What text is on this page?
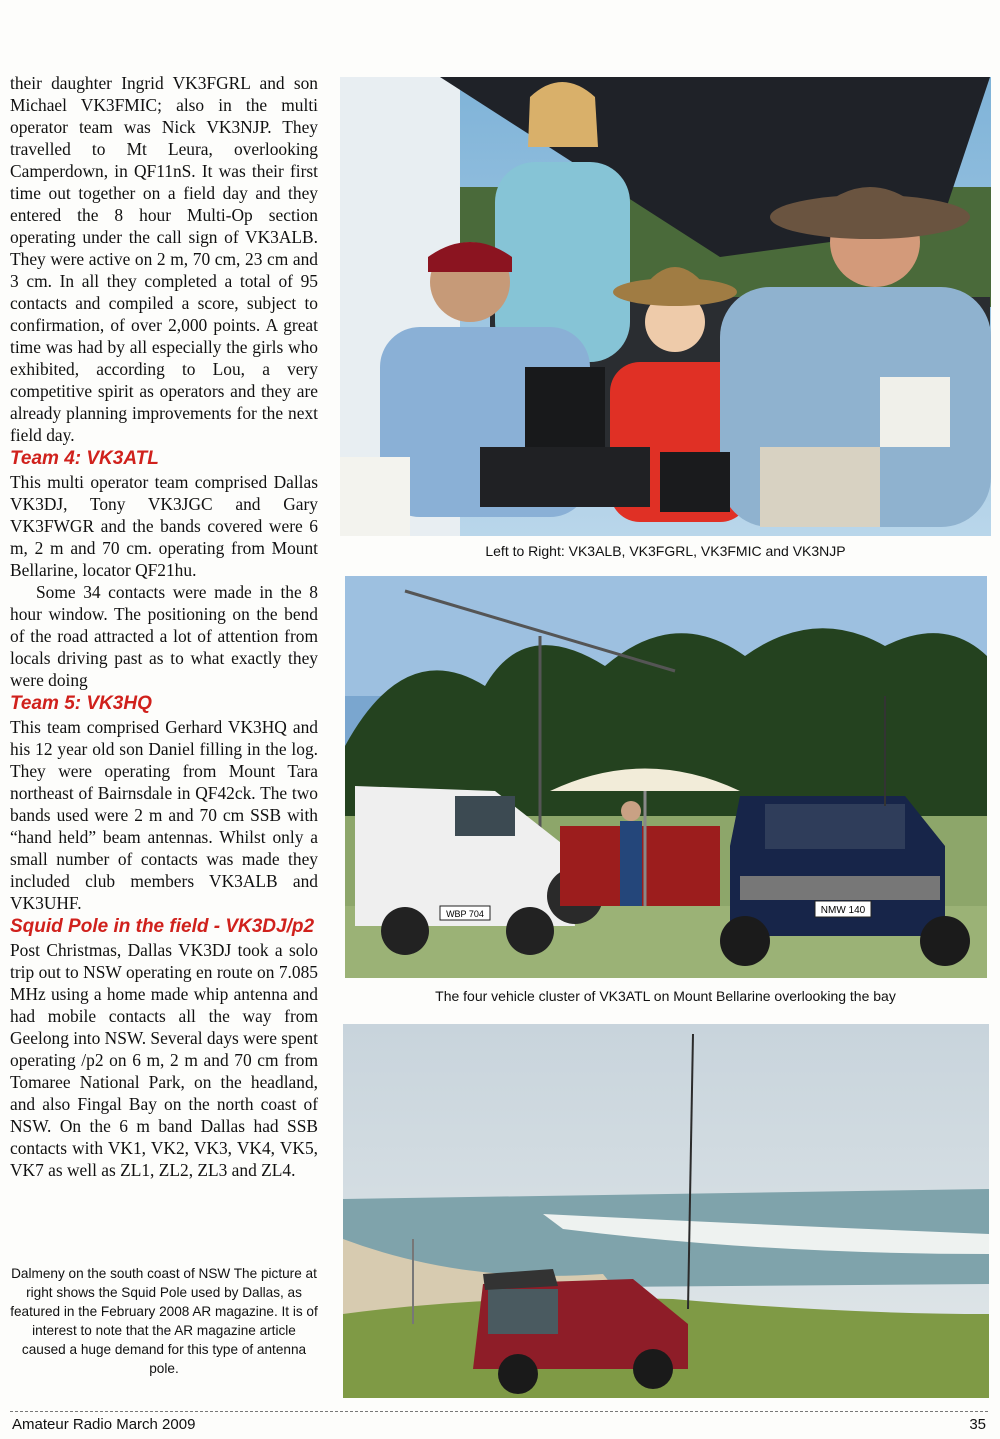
their daughter Ingrid VK3FGRL and son Michael VK3FMIC; also in the multi operator team was Nick VK3NJP. They travelled to Mt Leura, overlooking Camperdown, in QF11nS. It was their first time out together on a field day and they entered the 8 hour Multi-Op section operating under the call sign of VK3ALB. They were active on 2 m, 70 cm, 23 cm and 3 cm. In all they completed a total of 95 contacts and compiled a score, subject to confirmation, of over 2,000 points. A great time was had by all especially the girls who exhibited, according to Lou, a very competitive spirit as operators and they are already planning improvements for the next field day.

Team 4: VK3ATL

This multi operator team comprised Dallas VK3DJ, Tony VK3JGC and Gary VK3FWGR and the bands covered were 6 m, 2 m and 70 cm. operating from Mount Bellarine, locator QF21hu.

Some 34 contacts were made in the 8 hour window. The positioning on the bend of the road attracted a lot of attention from locals driving past as to what exactly they were doing

Team 5: VK3HQ

This team comprised Gerhard VK3HQ and his 12 year old son Daniel filling in the log. They were operating from Mount Tara northeast of Bairnsdale in QF42ck. The two bands used were 2 m and 70 cm SSB with “hand held” beam antennas. Whilst only a small number of contacts was made they included club members VK3ALB and VK3UHF.

Squid Pole in the field - VK3DJ/p2

Post Christmas, Dallas VK3DJ took a solo trip out to NSW operating en route on 7.085 MHz using a home made whip antenna and had mobile contacts all the way from Geelong into NSW. Several days were spent operating /p2 on 6 m, 2 m and 70 cm from Tomaree National Park, on the headland, and also Fingal Bay on the north coast of NSW. On the 6 m band Dallas had SSB contacts with VK1, VK2, VK3, VK4, VK5, VK7 as well as ZL1, ZL2, ZL3 and ZL4.

Dalmeny on the south coast of NSW The picture at right shows the Squid Pole used by Dallas, as featured in the February 2008 AR magazine. It is of interest to note that the AR magazine article caused a huge demand for this type of antenna pole.
Left to Right: VK3ALB, VK3FGRL, VK3FMIC and VK3NJP
WBP 704	NMW 140
The four vehicle cluster of VK3ATL on Mount Bellarine overlooking the bay
Amateur Radio March 2009	35
